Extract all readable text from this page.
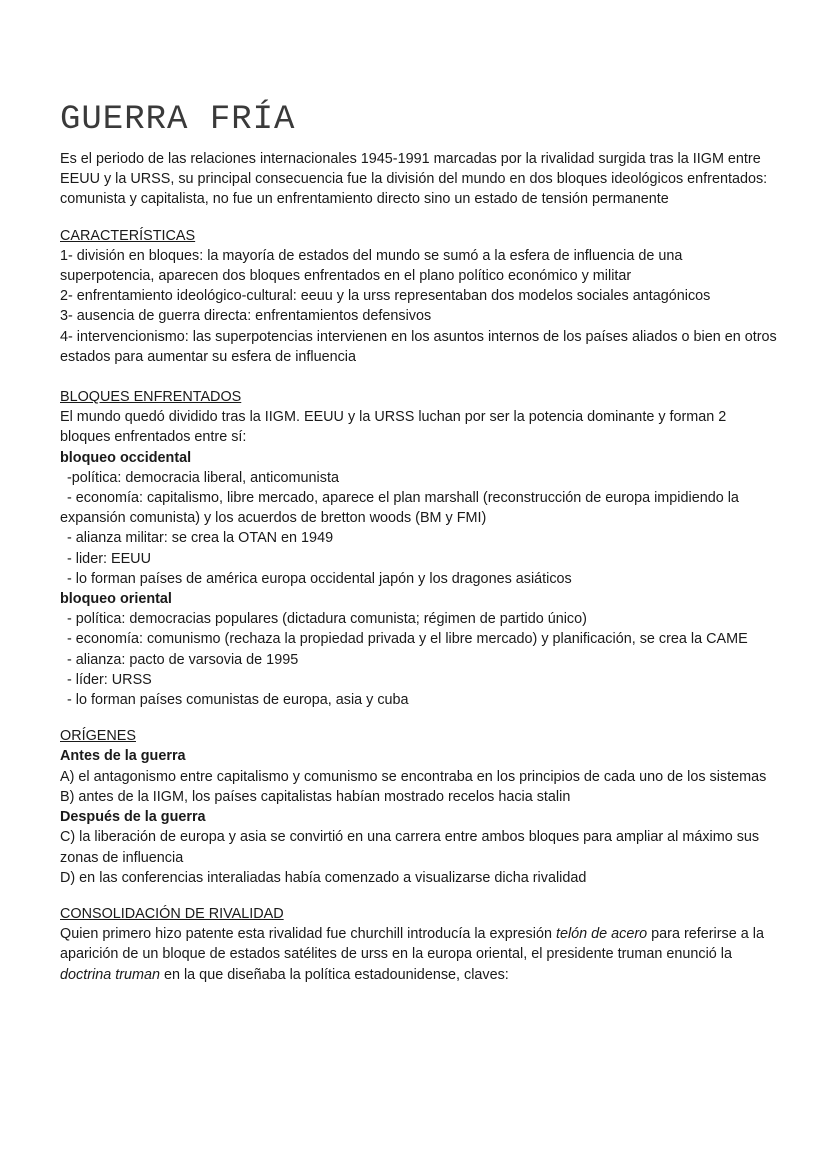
GUERRA FRÍA

Es el periodo de las relaciones internacionales 1945-1991 marcadas por la rivalidad surgida tras la IIGM entre EEUU y la URSS, su principal consecuencia fue la división del mundo en dos bloques ideológicos enfrentados: comunista y capitalista, no fue un enfrentamiento directo sino un estado de tensión permanente

CARACTERÍSTICAS

1- división en bloques: la mayoría de estados del mundo se sumó a la esfera de influencia de una superpotencia, aparecen dos bloques enfrentados en el plano político económico y militar

2- enfrentamiento ideológico-cultural: eeuu y la urss representaban dos modelos sociales antagónicos

3- ausencia de guerra directa: enfrentamientos defensivos

4- intervencionismo: las superpotencias intervienen en los asuntos internos de los países aliados o bien en otros estados para aumentar su esfera de influencia

BLOQUES ENFRENTADOS

El mundo quedó dividido tras la IIGM. EEUU y la URSS luchan por ser la potencia dominante y forman 2 bloques enfrentados entre sí:

bloqueo occidental

-política: democracia liberal, anticomunista

- economía: capitalismo, libre mercado, aparece el plan marshall (reconstrucción de europa impidiendo la expansión comunista) y los acuerdos de bretton woods (BM y FMI)

- alianza militar: se crea la OTAN en 1949

- lider: EEUU

- lo forman países de américa europa occidental japón y los dragones asiáticos

bloqueo oriental

- política: democracias populares (dictadura comunista; régimen de partido único)

- economía: comunismo (rechaza la propiedad privada y el libre mercado) y planificación, se crea la CAME

- alianza: pacto de varsovia de 1995

- líder: URSS

- lo forman países comunistas de europa, asia y cuba

ORÍGENES

Antes de la guerra

A) el antagonismo entre capitalismo y comunismo se encontraba en los principios de cada uno de los sistemas

B) antes de la IIGM, los países capitalistas habían mostrado recelos hacia stalin

Después de la guerra

C) la liberación de europa y asia se convirtió en una carrera entre ambos bloques para ampliar al máximo sus zonas de influencia

D) en las conferencias interaliadas había comenzado a visualizarse dicha rivalidad

CONSOLIDACIÓN DE RIVALIDAD

Quien primero hizo patente esta rivalidad fue churchill introducía la expresión telón de acero para referirse a la aparición de un bloque de estados satélites de urss en la europa oriental, el presidente truman enunció la doctrina truman en la que diseñaba la política estadounidense, claves:
